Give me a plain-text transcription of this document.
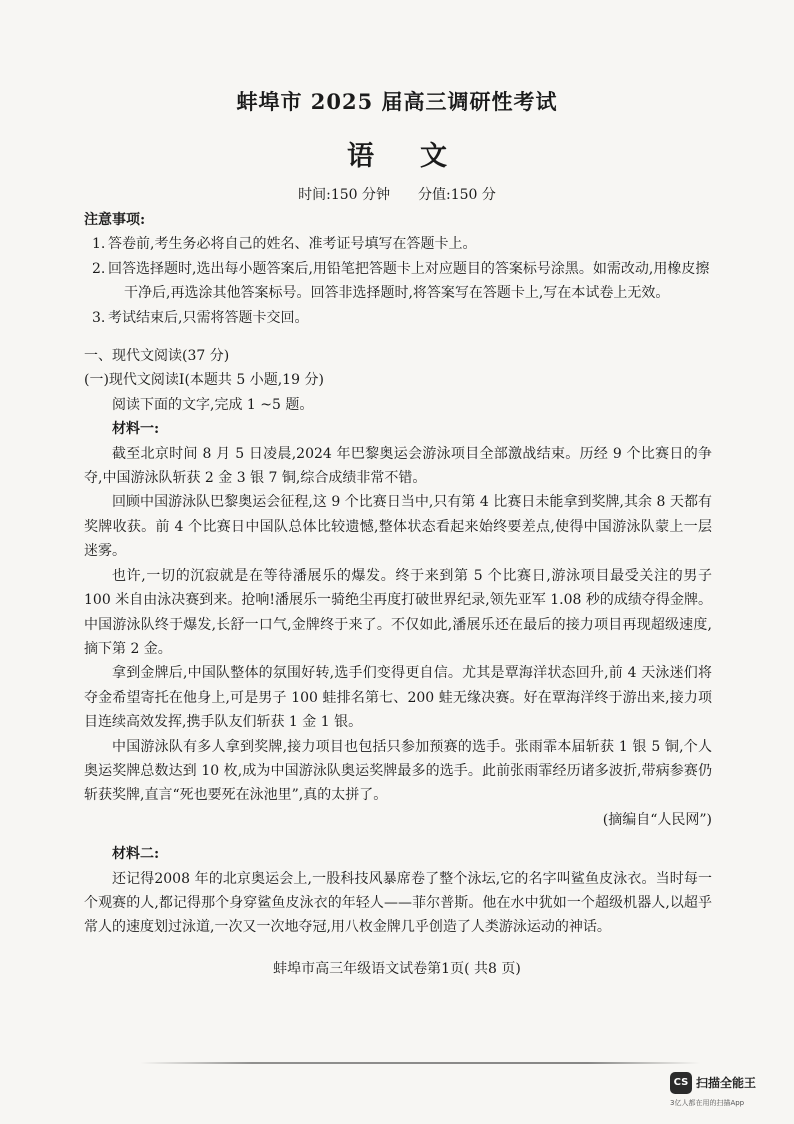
蚌埠市 2025 届高三调研性考试
语文
时间:150 分钟 分值:150 分
注意事项:
1. 答卷前,考生务必将自己的姓名、准考证号填写在答题卡上。
2. 回答选择题时,选出每小题答案后,用铅笔把答题卡上对应题目的答案标号涂黑。如需改动,用橡皮擦干净后,再选涂其他答案标号。回答非选择题时,将答案写在答题卡上,写在本试卷上无效。
3. 考试结束后,只需将答题卡交回。
一、现代文阅读(37 分)
(一)现代文阅读Ⅰ(本题共 5 小题,19 分)
阅读下面的文字,完成 1 ~5 题。
材料一:
截至北京时间 8 月 5 日凌晨,2024 年巴黎奥运会游泳项目全部激战结束。历经 9 个比赛日的争夺,中国游泳队斩获 2 金 3 银 7 铜,综合成绩非常不错。
回顾中国游泳队巴黎奥运会征程,这 9 个比赛日当中,只有第 4 比赛日未能拿到奖牌,其余 8 天都有奖牌收获。前 4 个比赛日中国队总体比较遗憾,整体状态看起来始终要差点,使得中国游泳队蒙上一层迷雾。
也许,一切的沉寂就是在等待潘展乐的爆发。终于来到第 5 个比赛日,游泳项目最受关注的男子 100 米自由泳决赛到来。抢响!潘展乐一骑绝尘再度打破世界纪录,领先亚军 1.08 秒的成绩夺得金牌。中国游泳队终于爆发,长舒一口气,金牌终于来了。不仅如此,潘展乐还在最后的接力项目再现超级速度,摘下第 2 金。
拿到金牌后,中国队整体的氛围好转,选手们变得更自信。尤其是覃海洋状态回升,前 4 天泳迷们将夺金希望寄托在他身上,可是男子 100 蛙排名第七、200 蛙无缘决赛。好在覃海洋终于游出来,接力项目连续高效发挥,携手队友们斩获 1 金 1 银。
中国游泳队有多人拿到奖牌,接力项目也包括只参加预赛的选手。张雨霏本届斩获 1 银 5 铜,个人奥运奖牌总数达到 10 枚,成为中国游泳队奥运奖牌最多的选手。此前张雨霏经历诸多波折,带病参赛仍斩获奖牌,直言“死也要死在泳池里”,真的太拼了。
(摘编自“人民网”)
材料二:
还记得2008 年的北京奥运会上,一股科技风暴席卷了整个泳坛,它的名字叫鲨鱼皮泳衣。当时每一个观赛的人,都记得那个身穿鲨鱼皮泳衣的年轻人——菲尔普斯。他在水中犹如一个超级机器人,以超乎常人的速度划过泳道,一次又一次地夺冠,用八枚金牌几乎创造了人类游泳运动的神话。
蚌埠市高三年级语文试卷第1页( 共8 页)
CS 扫描全能王
3亿人都在用的扫描App
